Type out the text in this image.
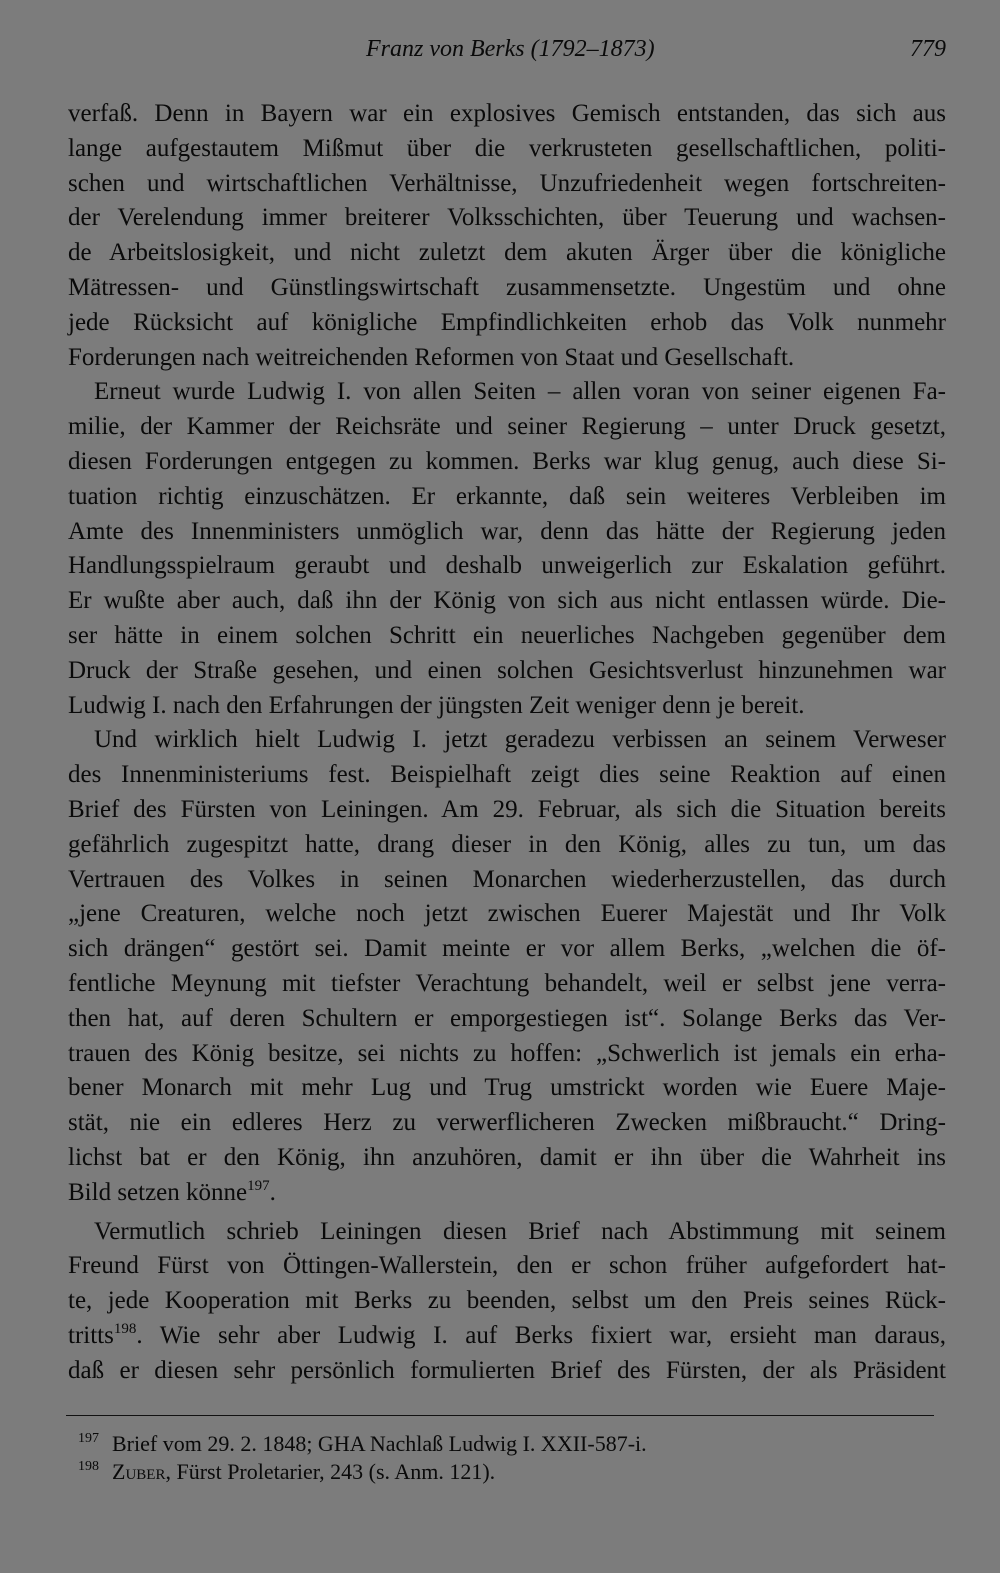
Franz von Berks (1792–1873)	779
verfaß. Denn in Bayern war ein explosives Gemisch entstanden, das sich aus
lange aufgestautem Mißmut über die verkrusteten gesellschaftlichen, politi-
schen und wirtschaftlichen Verhältnisse, Unzufriedenheit wegen fortschreiten-
der Verelendung immer breiterer Volksschichten, über Teuerung und wachsen-
de Arbeitslosigkeit, und nicht zuletzt dem akuten Ärger über die königliche
Mätressen- und Günstlingswirtschaft zusammensetzte. Ungestüm und ohne
jede Rücksicht auf königliche Empfindlichkeiten erhob das Volk nunmehr
Forderungen nach weitreichenden Reformen von Staat und Gesellschaft.
Erneut wurde Ludwig I. von allen Seiten – allen voran von seiner eigenen Fa-
milie, der Kammer der Reichsräte und seiner Regierung – unter Druck gesetzt,
diesen Forderungen entgegen zu kommen. Berks war klug genug, auch diese Si-
tuation richtig einzuschätzen. Er erkannte, daß sein weiteres Verbleiben im
Amte des Innenministers unmöglich war, denn das hätte der Regierung jeden
Handlungsspielraum geraubt und deshalb unweigerlich zur Eskalation geführt.
Er wußte aber auch, daß ihn der König von sich aus nicht entlassen würde. Die-
ser hätte in einem solchen Schritt ein neuerliches Nachgeben gegenüber dem
Druck der Straße gesehen, und einen solchen Gesichtsverlust hinzunehmen war
Ludwig I. nach den Erfahrungen der jüngsten Zeit weniger denn je bereit.
Und wirklich hielt Ludwig I. jetzt geradezu verbissen an seinem Verweser
des Innenministeriums fest. Beispielhaft zeigt dies seine Reaktion auf einen
Brief des Fürsten von Leiningen. Am 29. Februar, als sich die Situation bereits
gefährlich zugespitzt hatte, drang dieser in den König, alles zu tun, um das
Vertrauen des Volkes in seinen Monarchen wiederherzustellen, das durch
„jene Creaturen, welche noch jetzt zwischen Euerer Majestät und Ihr Volk
sich drängen“ gestört sei. Damit meinte er vor allem Berks, „welchen die öf-
fentliche Meynung mit tiefster Verachtung behandelt, weil er selbst jene verra-
then hat, auf deren Schultern er emporgestiegen ist“. Solange Berks das Ver-
trauen des König besitze, sei nichts zu hoffen: „Schwerlich ist jemals ein erha-
bener Monarch mit mehr Lug und Trug umstrickt worden wie Euere Maje-
stät, nie ein edleres Herz zu verwerflicheren Zwecken mißbraucht.“ Dring-
lichst bat er den König, ihn anzuhören, damit er ihn über die Wahrheit ins
Bild setzen könne$^{197}$.
Vermutlich schrieb Leiningen diesen Brief nach Abstimmung mit seinem
Freund Fürst von Öttingen-Wallerstein, den er schon früher aufgefordert hat-
te, jede Kooperation mit Berks zu beenden, selbst um den Preis seines Rück-
tritts$^{198}$. Wie sehr aber Ludwig I. auf Berks fixiert war, ersieht man daraus,
daß er diesen sehr persönlich formulierten Brief des Fürsten, der als Präsident
197 Brief vom 29. 2. 1848; GHA Nachlaß Ludwig I. XXII-587-i.
198 Zuber, Fürst Proletarier, 243 (s. Anm. 121).
